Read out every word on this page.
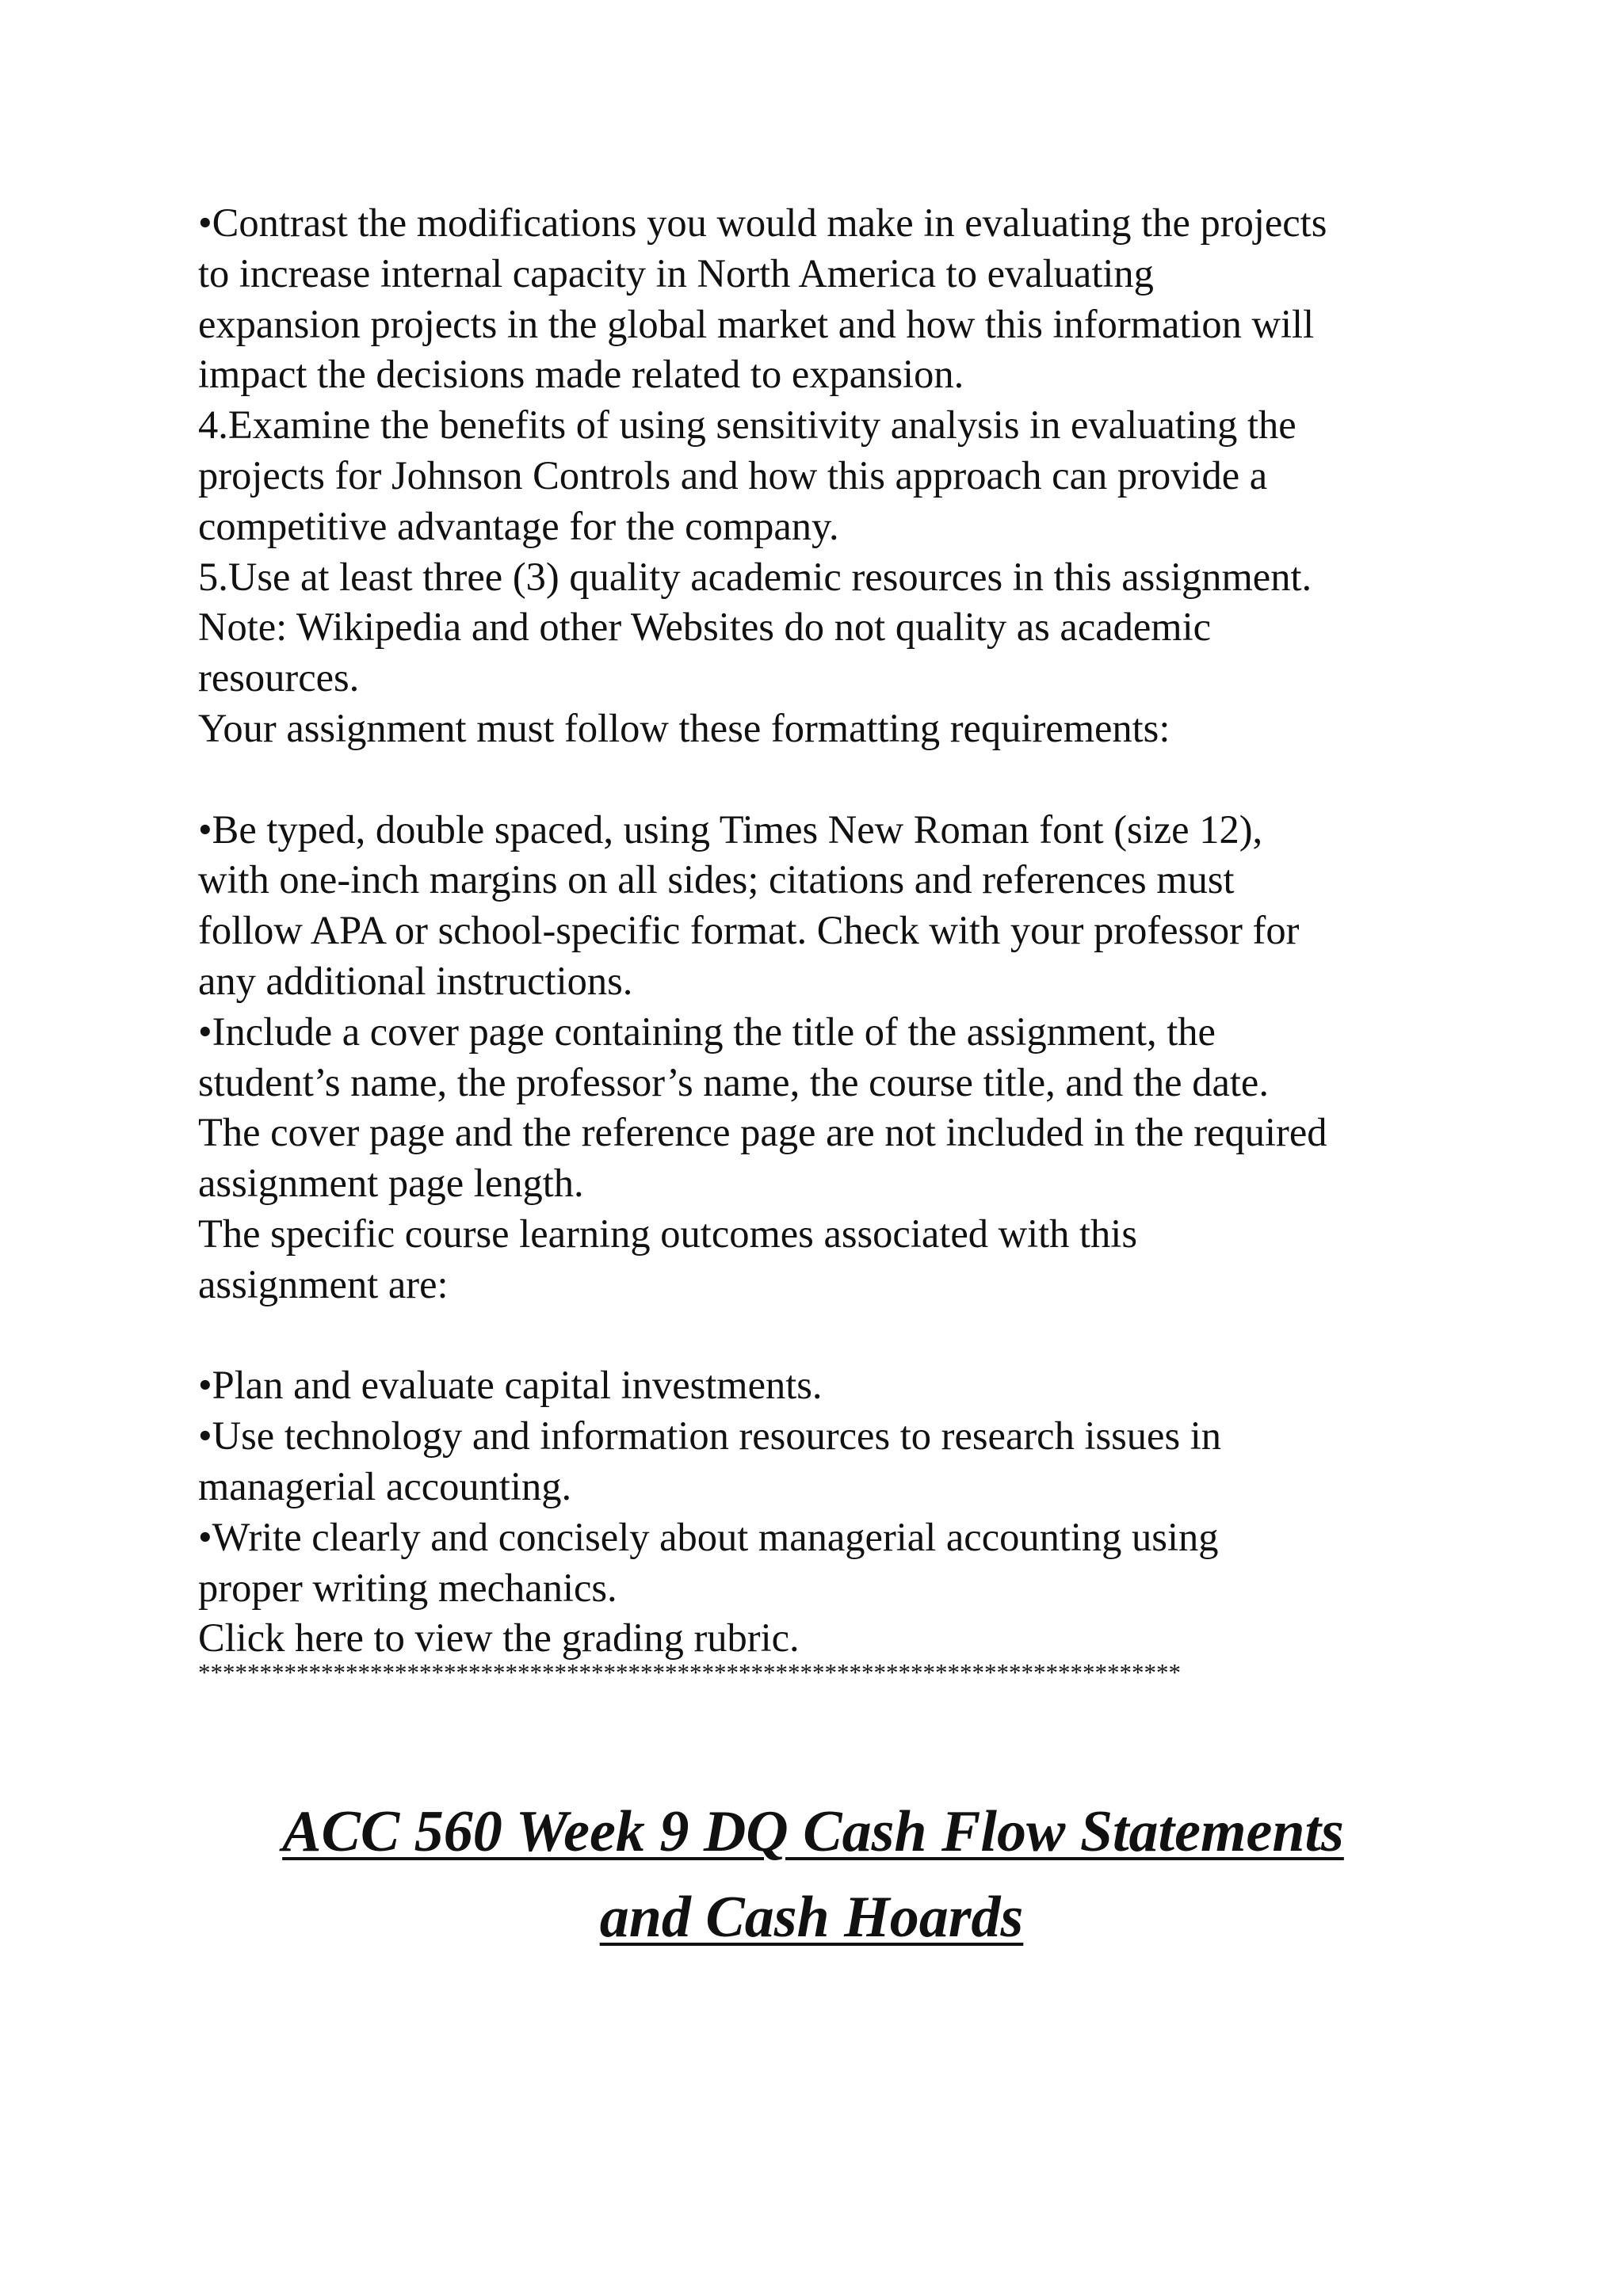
•Contrast the modifications you would make in evaluating the projects
to increase internal capacity in North America to evaluating
expansion projects in the global market and how this information will
impact the decisions made related to expansion.
4.Examine the benefits of using sensitivity analysis in evaluating the
projects for Johnson Controls and how this approach can provide a
competitive advantage for the company.
5.Use at least three (3) quality academic resources in this assignment.
Note: Wikipedia and other Websites do not quality as academic
resources.
Your assignment must follow these formatting requirements:
•Be typed, double spaced, using Times New Roman font (size 12),
with one-inch margins on all sides; citations and references must
follow APA or school-specific format. Check with your professor for
any additional instructions.
•Include a cover page containing the title of the assignment, the
student’s name, the professor’s name, the course title, and the date.
The cover page and the reference page are not included in the required
assignment page length.
The specific course learning outcomes associated with this
assignment are:
•Plan and evaluate capital investments.
•Use technology and information resources to research issues in
managerial accounting.
•Write clearly and concisely about managerial accounting using
proper writing mechanics.
Click here to view the grading rubric.
********************************************************************************
ACC 560 Week 9 DQ Cash Flow Statements
and Cash Hoards
